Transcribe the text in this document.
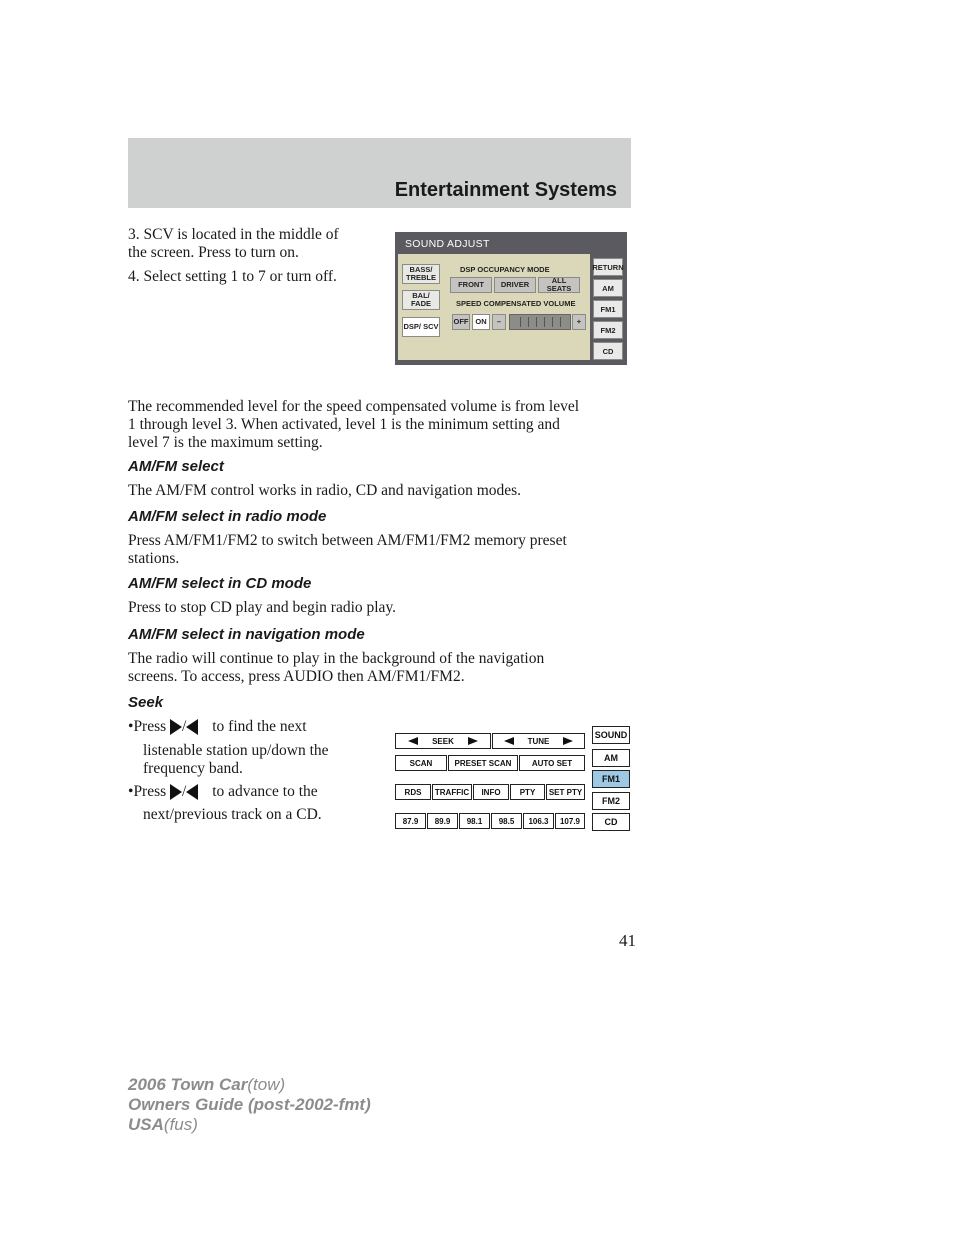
Entertainment Systems

3. SCV is located in the middle of

the screen. Press to turn on.

4. Select setting 1 to 7 or turn off.

SOUND ADJUST
BASS/ TREBLE
BAL/ FADE
DSP/ SCV
DSP OCCUPANCY MODE
FRONT	DRIVER	ALL SEATS
SPEED COMPENSATED VOLUME
OFF ON	–	+
RETURN
AM
FM1
FM2
CD

The recommended level for the speed compensated volume is from level

1 through level 3. When activated, level 1 is the minimum setting and

level 7 is the maximum setting.

AM/FM select

The AM/FM control works in radio, CD and navigation modes.

AM/FM select in radio mode

Press AM/FM1/FM2 to switch between AM/FM1/FM2 memory preset

stations.

AM/FM select in CD mode

Press to stop CD play and begin radio play.

AM/FM select in navigation mode

The radio will continue to play in the background of the navigation

screens. To access, press AUDIO then AM/FM1/FM2.

Seek

•Press / to find the next
listenable station up/down the
frequency band.
•Press / to advance to the
next/previous track on a CD.
SEEK	TUNE
SCAN	PRESET SCAN	AUTO SET
RDS	TRAFFIC	INFO	PTY	SET PTY
87.9	89.9	98.1	98.5	106.3	107.9
SOUND
AM
FM1
FM2
CD
41
2006 Town Car(tow)
Owners Guide (post-2002-fmt)
USA(fus)
